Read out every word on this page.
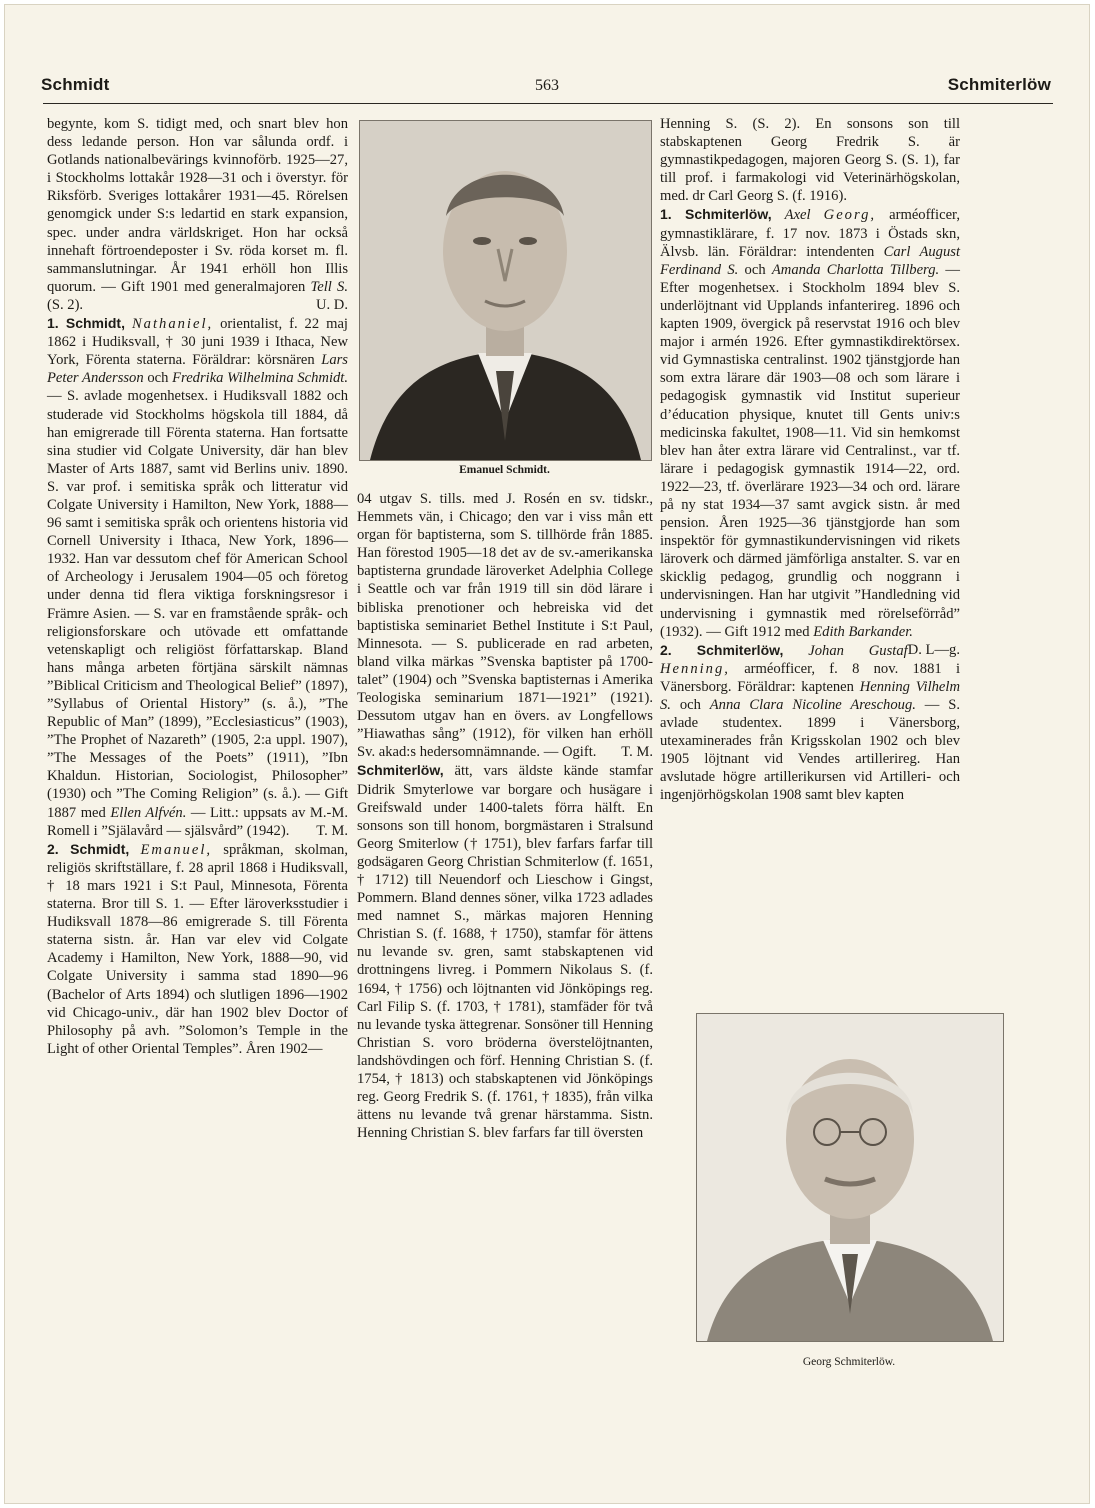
Schmidt	563	Schmiterlöw

begynte, kom S. tidigt med, och snart blev hon dess ledande person. Hon var sålunda ordf. i Gotlands nationalbevärings kvinnoförb. 1925—27, i Stockholms lottakår 1928—31 och i överstyr. för Riksförb. Sveriges lottakårer 1931—45. Rörelsen genomgick under S:s ledartid en stark expansion, spec. under andra världskriget. Hon har också innehaft förtroendeposter i Sv. röda korset m. fl. sammanslutningar. År 1941 erhöll hon Illis quorum. — Gift 1901 med generalmajoren Tell S. (S. 2).	U. D.

1. Schmidt, Nathaniel, orientalist, f. 22 maj 1862 i Hudiksvall, † 30 juni 1939 i Ithaca, New York, Förenta staterna. Föräldrar: körsnären Lars Peter Andersson och Fredrika Wilhelmina Schmidt. — S. avlade mogenhetsex. i Hudiksvall 1882 och studerade vid Stockholms högskola till 1884, då han emigrerade till Förenta staterna. Han fortsatte sina studier vid Colgate University, där han blev Master of Arts 1887, samt vid Berlins univ. 1890. S. var prof. i semitiska språk och litteratur vid Colgate University i Hamilton, New York, 1888—96 samt i semitiska språk och orientens historia vid Cornell University i Ithaca, New York, 1896—1932. Han var dessutom chef för American School of Archeology i Jerusalem 1904—05 och företog under denna tid flera viktiga forskningsresor i Främre Asien. — S. var en framstående språk- och religionsforskare och utövade ett omfattande vetenskapligt och religiöst författarskap. Bland hans många arbeten förtjäna särskilt nämnas ”Biblical Criticism and Theological Belief” (1897), ”Syllabus of Oriental History” (s. å.), ”The Republic of Man” (1899), ”Ecclesiasticus” (1903), ”The Prophet of Nazareth” (1905, 2:a uppl. 1907), ”The Messages of the Poets” (1911), ”Ibn Khaldun. Historian, Sociologist, Philosopher” (1930) och ”The Coming Religion” (s. å.). — Gift 1887 med Ellen Alfvén. — Litt.: uppsats av M.-M. Romell i ”Själavård — själsvård” (1942). T. M.

2. Schmidt, Emanuel, språkman, skolman, religiös skriftställare, f. 28 april 1868 i Hudiksvall, † 18 mars 1921 i S:t Paul, Minnesota, Förenta staterna. Bror till S. 1. — Efter läroverksstudier i Hudiksvall 1878—86 emigrerade S. till Förenta staterna sistn. år. Han var elev vid Colgate Academy i Hamilton, New York, 1888—90, vid Colgate University i samma stad 1890—96 (Bachelor of Arts 1894) och slutligen 1896—1902 vid Chicago-univ., där han 1902 blev Doctor of Philosophy på avh. ”Solomon’s Temple in the Light of other Oriental Temples”. Åren 1902—

Emanuel Schmidt.

04 utgav S. tills. med J. Rosén en sv. tidskr., Hemmets vän, i Chicago; den var i viss mån ett organ för baptisterna, som S. tillhörde från 1885. Han förestod 1905—18 det av de sv.-amerikanska baptisterna grundade läroverket Adelphia College i Seattle och var från 1919 till sin död lärare i bibliska prenotioner och hebreiska vid det baptistiska seminariet Bethel Institute i S:t Paul, Minnesota. — S. publicerade en rad arbeten, bland vilka märkas ”Svenska baptister på 1700-talet” (1904) och ”Svenska baptisternas i Amerika Teologiska seminarium 1871—1921” (1921). Dessutom utgav han en övers. av Longfellows ”Hiawathas sång” (1912), för vilken han erhöll Sv. akad:s hedersomnämnande. — Ogift. T. M.

Schmiterlöw, ätt, vars äldste kände stamfar Didrik Smyterlowe var borgare och husägare i Greifswald under 1400-talets förra hälft. En sonsons son till honom, borgmästaren i Stralsund Georg Smiterlow († 1751), blev farfars farfar till godsägaren Georg Christian Schmiterlow (f. 1651, † 1712) till Neuendorf och Lieschow i Gingst, Pommern. Bland dennes söner, vilka 1723 adlades med namnet S., märkas majoren Henning Christian S. (f. 1688, † 1750), stamfar för ättens nu levande sv. gren, samt stabskaptenen vid drottningens livreg. i Pommern Nikolaus S. (f. 1694, † 1756) och löjtnanten vid Jönköpings reg. Carl Filip S. (f. 1703, † 1781), stamfäder för två nu levande tyska ättegrenar. Sonsöner till Henning Christian S. voro bröderna överstelöjtnanten, landshövdingen och förf. Henning Christian S. (f. 1754, † 1813) och stabskaptenen vid Jönköpings reg. Georg Fredrik S. (f. 1761, † 1835), från vilka ättens nu levande två grenar härstamma. Sistn. Henning Christian S. blev farfars far till översten

Henning S. (S. 2). En sonsons son till stabskaptenen Georg Fredrik S. är gymnastikpedagogen, majoren Georg S. (S. 1), far till prof. i farmakologi vid Veterinärhögskolan, med. dr Carl Georg S. (f. 1916).

1. Schmiterlöw, Axel Georg, arméofficer, gymnastiklärare, f. 17 nov. 1873 i Östads skn, Älvsb. län. Föräldrar: intendenten Carl August Ferdinand S. och Amanda Charlotta Tillberg. — Efter mogenhetsex. i Stockholm 1894 blev S. underlöjtnant vid Upplands infanterireg. 1896 och kapten 1909, övergick på reservstat 1916 och blev major i armén 1926. Efter gymnastikdirektörsex. vid Gymnastiska centralinst. 1902 tjänstgjorde han som extra lärare där 1903—08 och som lärare i pedagogisk gymnastik vid Institut superieur d’éducation physique, knutet till Gents univ:s medicinska fakultet, 1908—11. Vid sin hemkomst blev han åter extra lärare vid Centralinst., var tf. lärare i pedagogisk gymnastik 1914—22, ord. 1922—23, tf. överlärare 1923—34 och ord. lärare på ny stat 1934—37 samt avgick sistn. år med pension. Åren 1925—36 tjänstgjorde han som inspektör för gymnastikundervisningen vid rikets läroverk och därmed jämförliga anstalter. S. var en skicklig pedagog, grundlig och noggrann i undervisningen. Han har utgivit ”Handledning vid undervisning i gymnastik med rörelseförråd” (1932). — Gift 1912 med Edith Barkander.
D. L—g.

2. Schmiterlöw, Johan Gustaf Henning, arméofficer, f. 8 nov. 1881 i Vänersborg. Föräldrar: kaptenen Henning Vilhelm S. och Anna Clara Nicoline Areschoug. — S. avlade studentex. 1899 i Vänersborg, utexaminerades från Krigsskolan 1902 och blev 1905 löjtnant vid Vendes artillerireg. Han avslutade högre artillerikursen vid Artilleri- och ingenjörhögskolan 1908 samt blev kapten

Georg Schmiterlöw.
